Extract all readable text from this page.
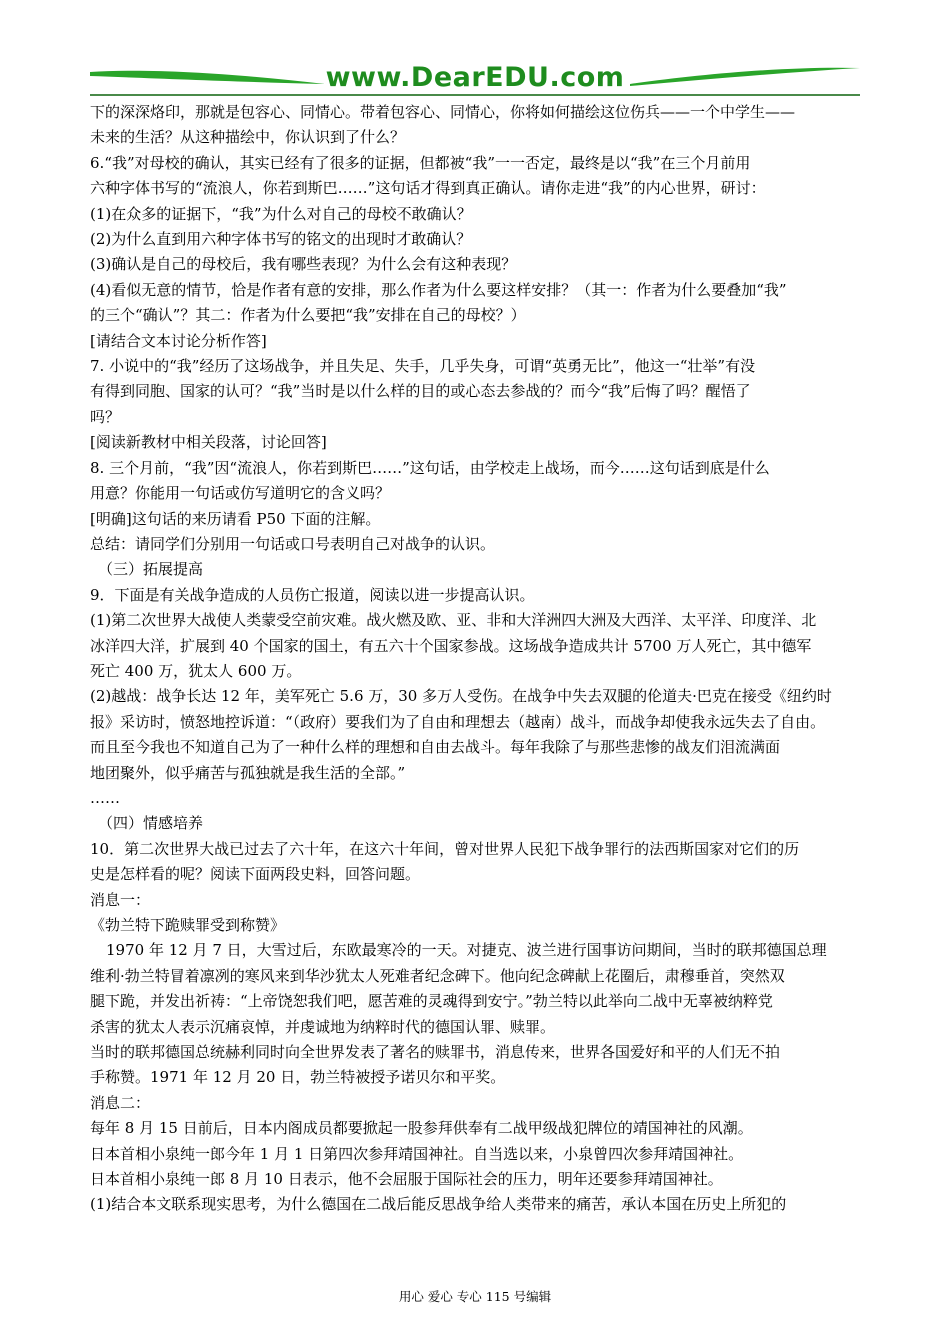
www.DearEDU.com

下的深深烙印，那就是包容心、同情心。带着包容心、同情心，你将如何描绘这位伤兵——一个中学生——

未来的生活？从这种描绘中，你认识到了什么？

6.“我”对母校的确认，其实已经有了很多的证据，但都被“我”一一否定，最终是以“我”在三个月前用

六种字体书写的“流浪人，你若到斯巴……”这句话才得到真正确认。请你走进“我”的内心世界，研讨：

(1)在众多的证据下，“我”为什么对自己的母校不敢确认？

(2)为什么直到用六种字体书写的铭文的出现时才敢确认？

(3)确认是自己的母校后，我有哪些表现？为什么会有这种表现？

(4)看似无意的情节，恰是作者有意的安排，那么作者为什么要这样安排？（其一：作者为什么要叠加“我”

的三个“确认”？其二：作者为什么要把“我”安排在自己的母校？）

[请结合文本讨论分析作答]

7. 小说中的“我”经历了这场战争，并且失足、失手，几乎失身，可谓“英勇无比”，他这一“壮举”有没

有得到同胞、国家的认可？“我”当时是以什么样的目的或心态去参战的？而今“我”后悔了吗？醒悟了

吗？

[阅读新教材中相关段落，讨论回答]

8. 三个月前，“我”因“流浪人，你若到斯巴……”这句话，由学校走上战场，而今……这句话到底是什么

用意？你能用一句话或仿写道明它的含义吗？

[明确]这句话的来历请看 P50 下面的注解。

总结：请同学们分别用一句话或口号表明自己对战争的认识。

（三）拓展提高

9．下面是有关战争造成的人员伤亡报道，阅读以进一步提高认识。

(1)第二次世界大战使人类蒙受空前灾难。战火燃及欧、亚、非和大洋洲四大洲及大西洋、太平洋、印度洋、北

冰洋四大洋，扩展到 40 个国家的国土，有五六十个国家参战。这场战争造成共计 5700 万人死亡，其中德军

死亡 400 万，犹太人 600 万。

(2)越战：战争长达 12 年，美军死亡 5.6 万，30 多万人受伤。在战争中失去双腿的伦道夫·巴克在接受《纽约时

报》采访时，愤怒地控诉道：“（政府）要我们为了自由和理想去（越南）战斗，而战争却使我永远失去了自由。

而且至今我也不知道自己为了一种什么样的理想和自由去战斗。每年我除了与那些悲惨的战友们泪流满面

地团聚外，似乎痛苦与孤独就是我生活的全部。”

……

（四）情感培养

10．第二次世界大战已过去了六十年，在这六十年间，曾对世界人民犯下战争罪行的法西斯国家对它们的历

史是怎样看的呢？阅读下面两段史料，回答问题。

消息一：

《勃兰特下跪赎罪受到称赞》

1970 年 12 月 7 日，大雪过后，东欧最寒冷的一天。对捷克、波兰进行国事访问期间，当时的联邦德国总理

维利·勃兰特冒着凛冽的寒风来到华沙犹太人死难者纪念碑下。他向纪念碑献上花圈后，肃穆垂首，突然双

腿下跪，并发出祈祷：“上帝饶恕我们吧，愿苦难的灵魂得到安宁。”勃兰特以此举向二战中无辜被纳粹党

杀害的犹太人表示沉痛哀悼，并虔诚地为纳粹时代的德国认罪、赎罪。

当时的联邦德国总统赫利同时向全世界发表了著名的赎罪书，消息传来，世界各国爱好和平的人们无不拍

手称赞。1971 年 12 月 20 日，勃兰特被授予诺贝尔和平奖。

消息二：

每年 8 月 15 日前后，日本内阁成员都要掀起一股参拜供奉有二战甲级战犯牌位的靖国神社的风潮。

日本首相小泉纯一郎今年 1 月 1 日第四次参拜靖国神社。自当选以来，小泉曾四次参拜靖国神社。

日本首相小泉纯一郎 8 月 10 日表示，他不会屈服于国际社会的压力，明年还要参拜靖国神社。

(1)结合本文联系现实思考，为什么德国在二战后能反思战争给人类带来的痛苦，承认本国在历史上所犯的

用心 爱心 专心 115 号编辑
